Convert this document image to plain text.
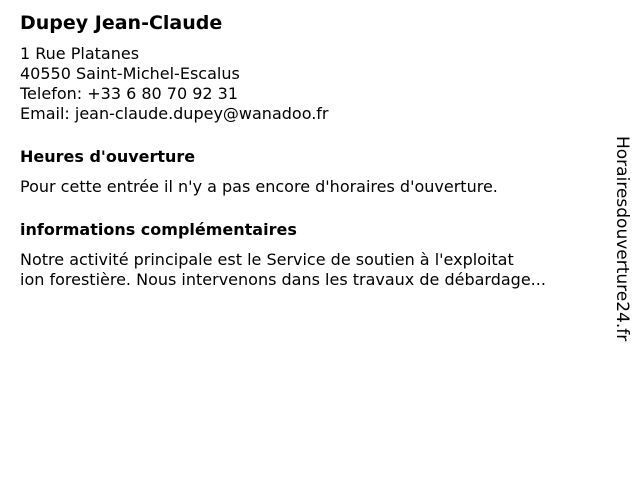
Dupey Jean-Claude
1 Rue Platanes
40550 Saint-Michel-Escalus
Telefon: +33 6 80 70 92 31
Email: jean-claude.dupey@wanadoo.fr
Heures d'ouverture
Pour cette entrée il n'y a pas encore d'horaires d'ouverture.
informations complémentaires
Notre activité principale est le Service de soutien à l'exploitat
ion forestière. Nous intervenons dans les travaux de débardage...	Horairesdouverture24.fr
